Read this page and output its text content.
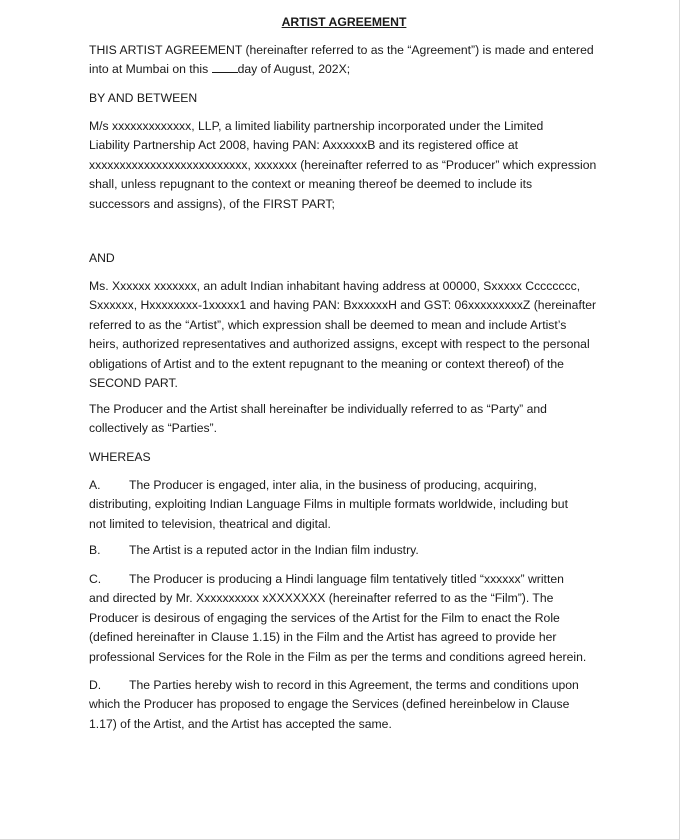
ARTIST AGREEMENT

THIS ARTIST AGREEMENT (hereinafter referred to as the “Agreement”) is made and entered
into at Mumbai on this day of August, 202X;

BY AND BETWEEN

M/s xxxxxxxxxxxxx, LLP, a limited liability partnership incorporated under the Limited
Liability Partnership Act 2008, having PAN: AxxxxxxB and its registered office at
xxxxxxxxxxxxxxxxxxxxxxxxxx, xxxxxxx (hereinafter referred to as “Producer” which expression
shall, unless repugnant to the context or meaning thereof be deemed to include its
successors and assigns), of the FIRST PART;

AND

Ms. Xxxxxx xxxxxxx, an adult Indian inhabitant having address at 00000, Sxxxxx Cccccccc,
Sxxxxxx, Hxxxxxxxx-1xxxxx1 and having PAN: BxxxxxxH and GST: 06xxxxxxxxxZ (hereinafter
referred to as the “Artist”, which expression shall be deemed to mean and include Artist’s
heirs, authorized representatives and authorized assigns, except with respect to the personal
obligations of Artist and to the extent repugnant to the meaning or context thereof) of the
SECOND PART.

The Producer and the Artist shall hereinafter be individually referred to as “Party” and
collectively as “Parties”.

WHEREAS

A. The Producer is engaged, inter alia, in the business of producing, acquiring,
distributing, exploiting Indian Language Films in multiple formats worldwide, including but
not limited to television, theatrical and digital.

B. The Artist is a reputed actor in the Indian film industry.

C. The Producer is producing a Hindi language film tentatively titled “xxxxxx” written
and directed by Mr. Xxxxxxxxxx xXXXXXXX (hereinafter referred to as the “Film”). The
Producer is desirous of engaging the services of the Artist for the Film to enact the Role
(defined hereinafter in Clause 1.15) in the Film and the Artist has agreed to provide her
professional Services for the Role in the Film as per the terms and conditions agreed herein.

D. The Parties hereby wish to record in this Agreement, the terms and conditions upon
which the Producer has proposed to engage the Services (defined hereinbelow in Clause
1.17) of the Artist, and the Artist has accepted the same.
